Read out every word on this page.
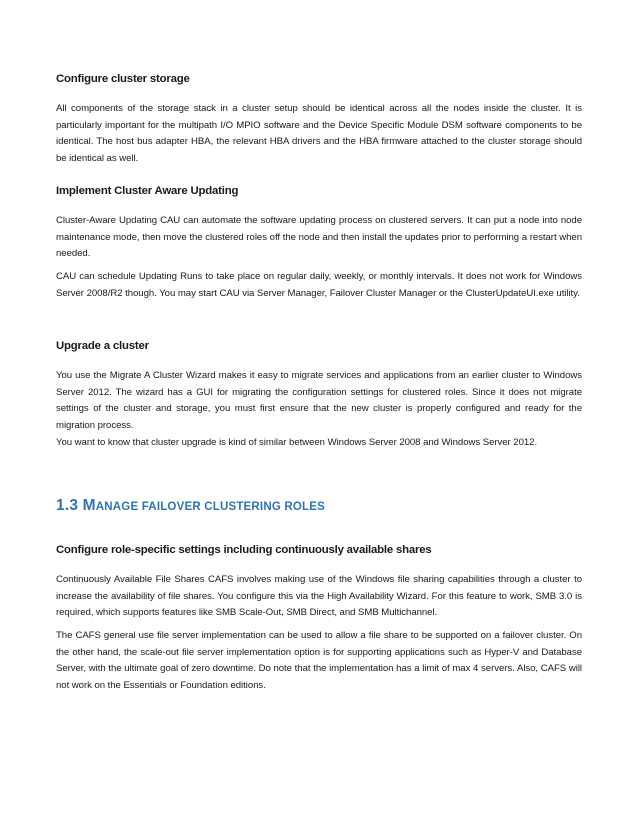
Configure cluster storage

All components of the storage stack in a cluster setup should be identical across all the nodes inside the cluster. It is particularly important for the multipath I/O MPIO software and the Device Specific Module DSM software components to be identical. The host bus adapter HBA, the relevant HBA drivers and the HBA firmware attached to the cluster storage should be identical as well.

Implement Cluster Aware Updating

Cluster-Aware Updating CAU can automate the software updating process on clustered servers. It can put a node into node maintenance mode, then move the clustered roles off the node and then install the updates prior to performing a restart when needed.

CAU can schedule Updating Runs to take place on regular daily, weekly, or monthly intervals. It does not work for Windows Server 2008/R2 though. You may start CAU via Server Manager, Failover Cluster Manager or the ClusterUpdateUI.exe utility.

Upgrade a cluster

You use the Migrate A Cluster Wizard makes it easy to migrate services and applications from an earlier cluster to Windows Server 2012. The wizard has a GUI for migrating the configuration settings for clustered roles. Since it does not migrate settings of the cluster and storage, you must first ensure that the new cluster is properly configured and ready for the migration process.

You want to know that cluster upgrade is kind of similar between Windows Server 2008 and Windows Server 2012.

1.3 MANAGE FAILOVER CLUSTERING ROLES
Configure role-specific settings including continuously available shares

Continuously Available File Shares CAFS involves making use of the Windows file sharing capabilities through a cluster to increase the availability of file shares. You configure this via the High Availability Wizard. For this feature to work, SMB 3.0 is required, which supports features like SMB Scale-Out, SMB Direct, and SMB Multichannel.

The CAFS general use file server implementation can be used to allow a file share to be supported on a failover cluster. On the other hand, the scale-out file server implementation option is for supporting applications such as Hyper-V and Database Server, with the ultimate goal of zero downtime. Do note that the implementation has a limit of max 4 servers. Also, CAFS will not work on the Essentials or Foundation editions.
